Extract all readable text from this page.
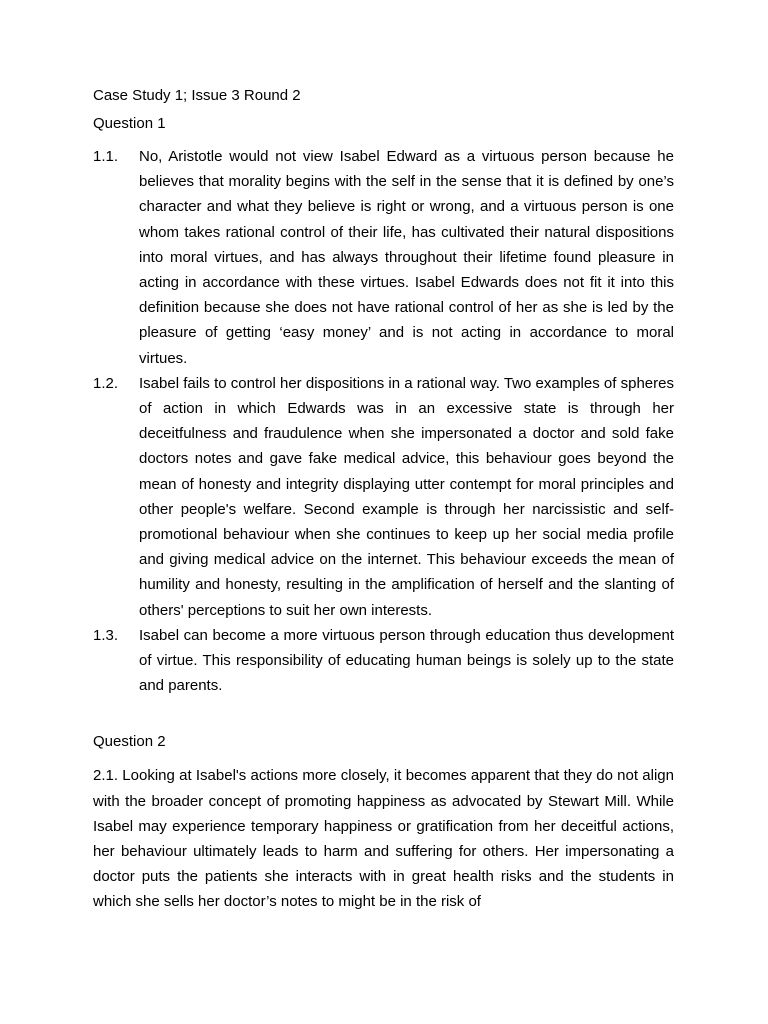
Case Study 1; Issue 3 Round 2
Question 1
1.1.	No, Aristotle would not view Isabel Edward as a virtuous person because he believes that morality begins with the self in the sense that it is defined by one’s character and what they believe is right or wrong, and a virtuous person is one whom takes rational control of their life, has cultivated their natural dispositions into moral virtues, and has always throughout their lifetime found pleasure in acting in accordance with these virtues. Isabel Edwards does not fit it into this definition because she does not have rational control of her as she is led by the pleasure of getting ‘easy money’ and is not acting in accordance to moral virtues.
1.2.	Isabel fails to control her dispositions in a rational way. Two examples of spheres of action in which Edwards was in an excessive state is through her deceitfulness and fraudulence when she impersonated a doctor and sold fake doctors notes and gave fake medical advice, this behaviour goes beyond the mean of honesty and integrity displaying utter contempt for moral principles and other people's welfare. Second example is through her narcissistic and self-promotional behaviour when she continues to keep up her social media profile and giving medical advice on the internet. This behaviour exceeds the mean of humility and honesty, resulting in the amplification of herself and the slanting of others' perceptions to suit her own interests.
1.3.	Isabel can become a more virtuous person through education thus development of virtue. This responsibility of educating human beings is solely up to the state and parents.
Question 2

2.1. Looking at Isabel's actions more closely, it becomes apparent that they do not align with the broader concept of promoting happiness as advocated by Stewart Mill. While Isabel may experience temporary happiness or gratification from her deceitful actions, her behaviour ultimately leads to harm and suffering for others. Her impersonating a doctor puts the patients she interacts with in great health risks and the students in which she sells her doctor’s notes to might be in the risk of
